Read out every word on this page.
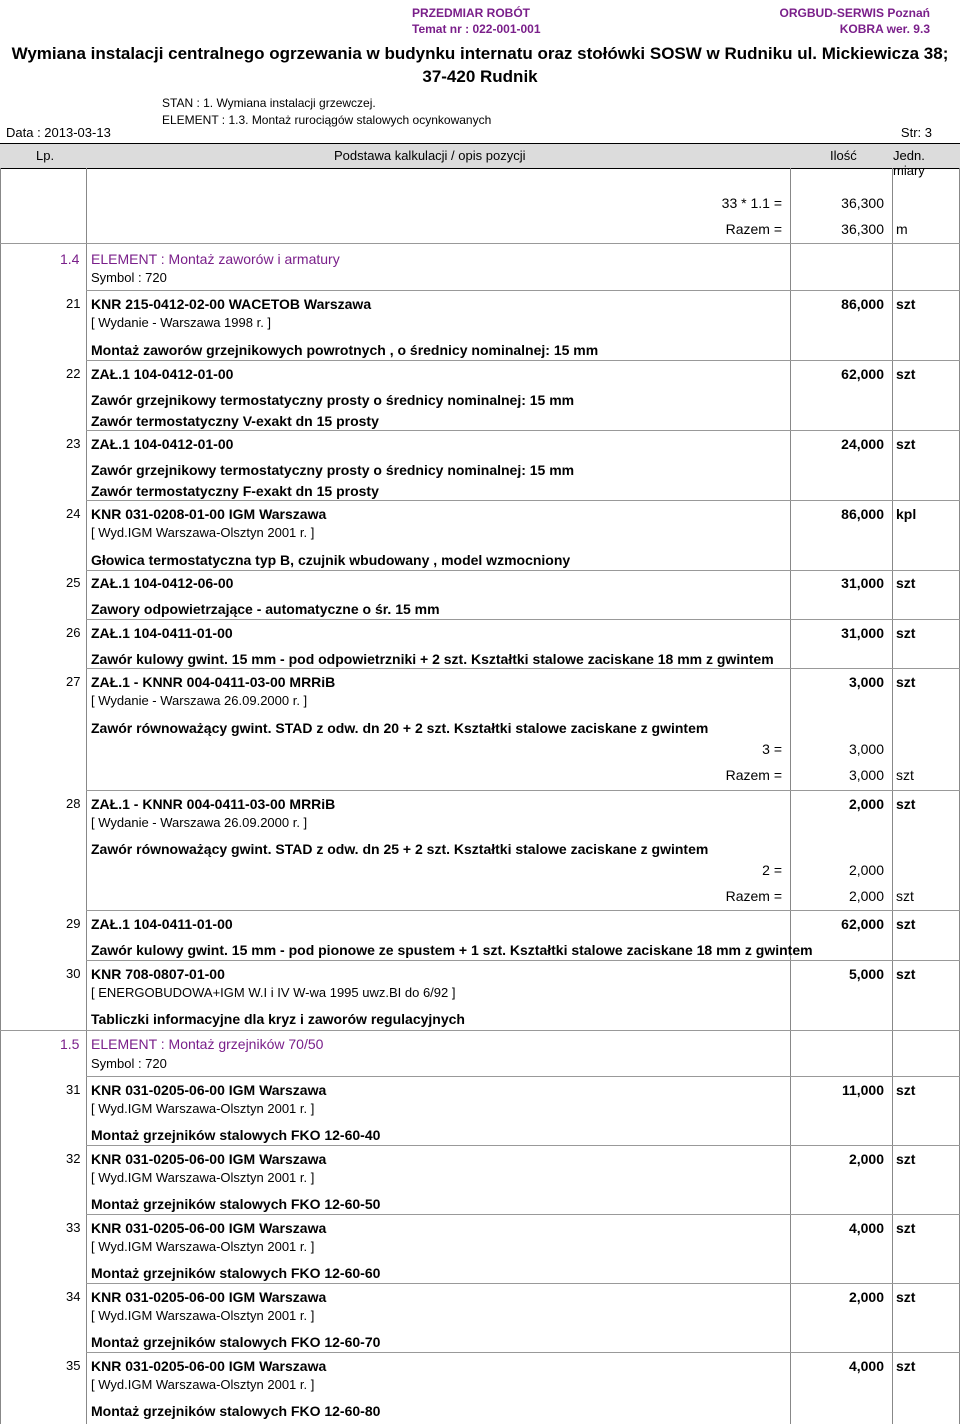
PRZEDMIAR ROBÓT
Temat nr : 022-001-001
ORGBUD-SERWIS Poznań
KOBRA wer. 9.3
Wymiana instalacji centralnego ogrzewania w budynku internatu oraz stołówki SOSW w Rudniku ul. Mickiewicza 38;
37-420 Rudnik
STAN : 1. Wymiana instalacji grzewczej.
ELEMENT : 1.3. Montaż rurociągów stalowych ocynkowanych
Data : 2013-03-13	Str: 3
Lp.	Podstawa kalkulacji / opis pozycji	Ilość	Jedn. miary
33 * 1.1 =	36,300
Razem =	36,300 m
1.4 ELEMENT : Montaż zaworów i armatury
Symbol : 720
21 KNR 215-0412-02-00 WACETOB Warszawa
[ Wydanie - Warszawa 1998 r. ]
Montaż zaworów grzejnikowych powrotnych , o średnicy nominalnej: 15 mm
86,000 szt
22 ZAŁ.1 104-0412-01-00
Zawór grzejnikowy termostatyczny prosty o średnicy nominalnej: 15 mm
Zawór termostatyczny V-exakt dn 15 prosty
62,000 szt
23 ZAŁ.1 104-0412-01-00
Zawór grzejnikowy termostatyczny prosty o średnicy nominalnej: 15 mm
Zawór termostatyczny F-exakt dn 15 prosty
24,000 szt
24 KNR 031-0208-01-00 IGM Warszawa
[ Wyd.IGM Warszawa-Olsztyn 2001 r. ]
Głowica termostatyczna typ B, czujnik wbudowany , model wzmocniony
86,000 kpl
25 ZAŁ.1 104-0412-06-00
Zawory odpowietrzające - automatyczne o śr. 15 mm
31,000 szt
26 ZAŁ.1 104-0411-01-00
Zawór kulowy gwint. 15 mm - pod odpowietrzniki + 2 szt. Kształtki stalowe zaciskane 18 mm z gwintem
31,000 szt
27 ZAŁ.1 - KNNR 004-0411-03-00 MRRiB
[ Wydanie - Warszawa 26.09.2000 r. ]
Zawór równoważący gwint. STAD z odw. dn 20 + 2 szt. Kształtki stalowe zaciskane z gwintem
3 =	3,000
Razem =	3,000 szt
3,000 szt
28 ZAŁ.1 - KNNR 004-0411-03-00 MRRiB
[ Wydanie - Warszawa 26.09.2000 r. ]
Zawór równoważący gwint. STAD z odw. dn 25 + 2 szt. Kształtki stalowe zaciskane z gwintem
2 =	2,000
Razem =	2,000 szt
2,000 szt
29 ZAŁ.1 104-0411-01-00
Zawór kulowy gwint. 15 mm - pod pionowe ze spustem + 1 szt. Kształtki stalowe zaciskane 18 mm z gwintem
62,000 szt
30 KNR 708-0807-01-00
[ ENERGOBUDOWA+IGM W.I i IV W-wa 1995 uwz.BI do 6/92 ]
Tabliczki informacyjne dla kryz i zaworów regulacyjnych
5,000 szt
1.5 ELEMENT : Montaż grzejników 70/50
Symbol : 720
31 KNR 031-0205-06-00 IGM Warszawa
[ Wyd.IGM Warszawa-Olsztyn 2001 r. ]
Montaż grzejników stalowych FKO 12-60-40
11,000 szt
32 KNR 031-0205-06-00 IGM Warszawa
[ Wyd.IGM Warszawa-Olsztyn 2001 r. ]
Montaż grzejników stalowych FKO 12-60-50
2,000 szt
33 KNR 031-0205-06-00 IGM Warszawa
[ Wyd.IGM Warszawa-Olsztyn 2001 r. ]
Montaż grzejników stalowych FKO 12-60-60
4,000 szt
34 KNR 031-0205-06-00 IGM Warszawa
[ Wyd.IGM Warszawa-Olsztyn 2001 r. ]
Montaż grzejników stalowych FKO 12-60-70
2,000 szt
35 KNR 031-0205-06-00 IGM Warszawa
[ Wyd.IGM Warszawa-Olsztyn 2001 r. ]
Montaż grzejników stalowych FKO 12-60-80
4,000 szt
